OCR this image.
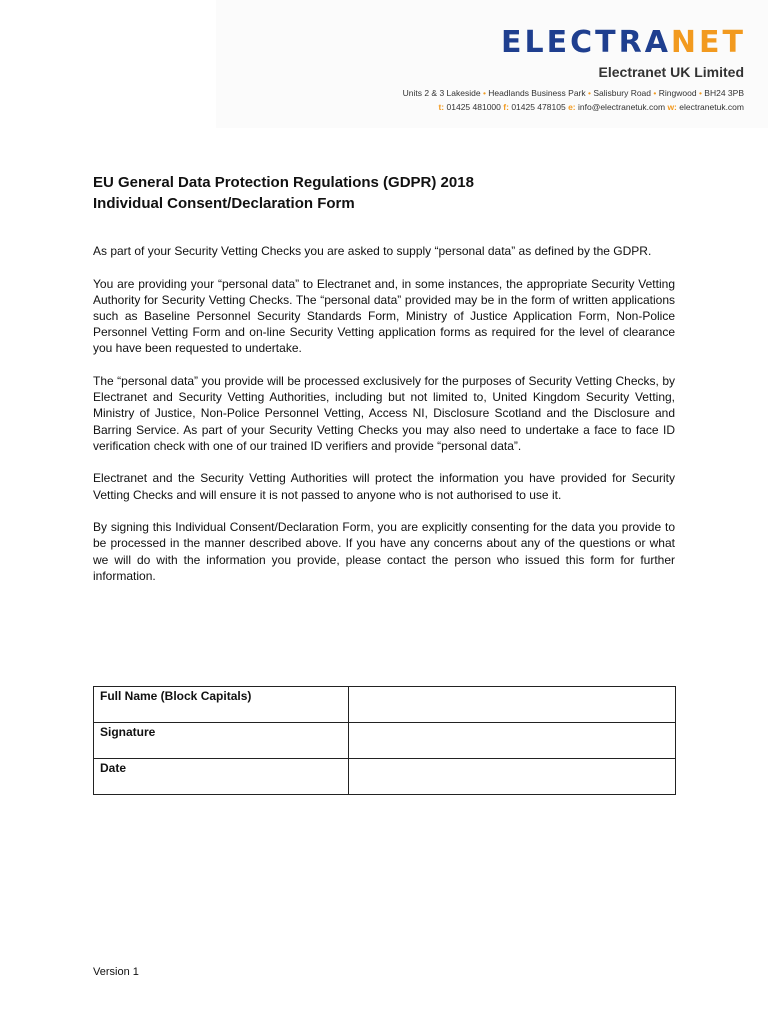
ELECTRANET
Electranet UK Limited
Units 2 & 3 Lakeside • Headlands Business Park • Salisbury Road • Ringwood • BH24 3PB
t: 01425 481000 f: 01425 478105 e: info@electranetuk.com w: electranetuk.com
EU General Data Protection Regulations (GDPR) 2018
Individual Consent/Declaration Form

As part of your Security Vetting Checks you are asked to supply “personal data” as defined by the GDPR.

You are providing your “personal data” to Electranet and, in some instances, the appropriate Security Vetting Authority for Security Vetting Checks. The “personal data” provided may be in the form of written applications such as Baseline Personnel Security Standards Form, Ministry of Justice Application Form, Non-Police Personnel Vetting Form and on-line Security Vetting application forms as required for the level of clearance you have been requested to undertake.

The “personal data” you provide will be processed exclusively for the purposes of Security Vetting Checks, by Electranet and Security Vetting Authorities, including but not limited to, United Kingdom Security Vetting, Ministry of Justice, Non-Police Personnel Vetting, Access NI, Disclosure Scotland and the Disclosure and Barring Service. As part of your Security Vetting Checks you may also need to undertake a face to face ID verification check with one of our trained ID verifiers and provide “personal data”.

Electranet and the Security Vetting Authorities will protect the information you have provided for Security Vetting Checks and will ensure it is not passed to anyone who is not authorised to use it.

By signing this Individual Consent/Declaration Form, you are explicitly consenting for the data you provide to be processed in the manner described above. If you have any concerns about any of the questions or what we will do with the information you provide, please contact the person who issued this form for further information.

Full Name (Block Capitals)	
Signature	
Date	
Version 1
